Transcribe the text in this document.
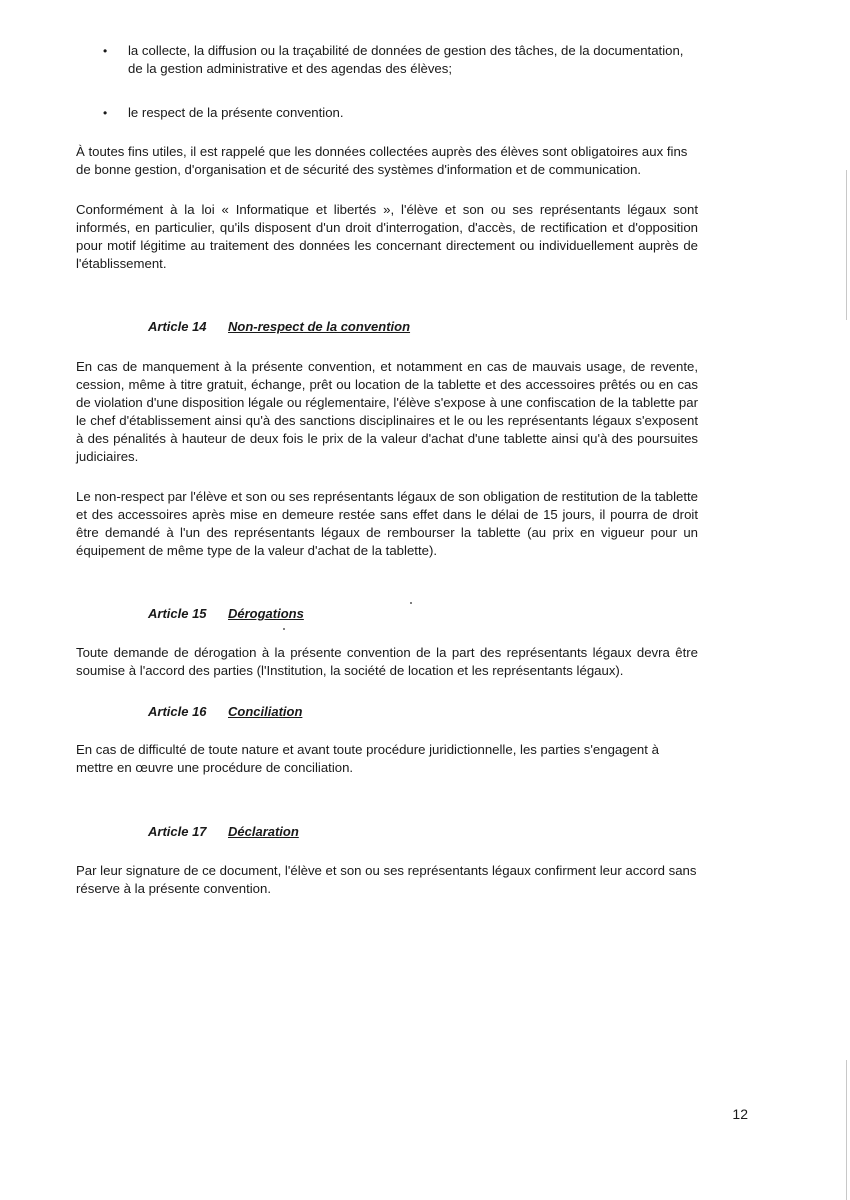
•	la collecte, la diffusion ou la traçabilité de données de gestion des tâches, de la documentation, de la gestion administrative et des agendas des élèves;

•	le respect de la présente convention.

À toutes fins utiles, il est rappelé que les données collectées auprès des élèves sont obligatoires aux fins de bonne gestion, d'organisation et de sécurité des systèmes d'information et de communication.

Conformément à la loi « Informatique et libertés », l'élève et son ou ses représentants légaux sont informés, en particulier, qu'ils disposent d'un droit d'interrogation, d'accès, de rectification et d'opposition pour motif légitime au traitement des données les concernant directement ou individuellement auprès de l'établissement.

Article 14 Non-respect de la convention

En cas de manquement à la présente convention, et notamment en cas de mauvais usage, de revente, cession, même à titre gratuit, échange, prêt ou location de la tablette et des accessoires prêtés ou en cas de violation d'une disposition légale ou réglementaire, l'élève s'expose à une confiscation de la tablette par le chef d'établissement ainsi qu'à des sanctions disciplinaires et le ou les représentants légaux s'exposent à des pénalités à hauteur de deux fois le prix de la valeur d'achat d'une tablette ainsi qu'à des poursuites judiciaires.

Le non-respect par l'élève et son ou ses représentants légaux de son obligation de restitution de la tablette et des accessoires après mise en demeure restée sans effet dans le délai de 15 jours, il pourra de droit être demandé à l'un des représentants légaux de rembourser la tablette (au prix en vigueur pour un équipement de même type de la valeur d'achat de la tablette).

Article 15 Dérogations

Toute demande de dérogation à la présente convention de la part des représentants légaux devra être soumise à l'accord des parties (l'Institution, la société de location et les représentants légaux).

Article 16 Conciliation

En cas de difficulté de toute nature et avant toute procédure juridictionnelle, les parties s'engagent à mettre en œuvre une procédure de conciliation.

Article 17 Déclaration

Par leur signature de ce document, l'élève et son ou ses représentants légaux confirment leur accord sans réserve à la présente convention.

12
